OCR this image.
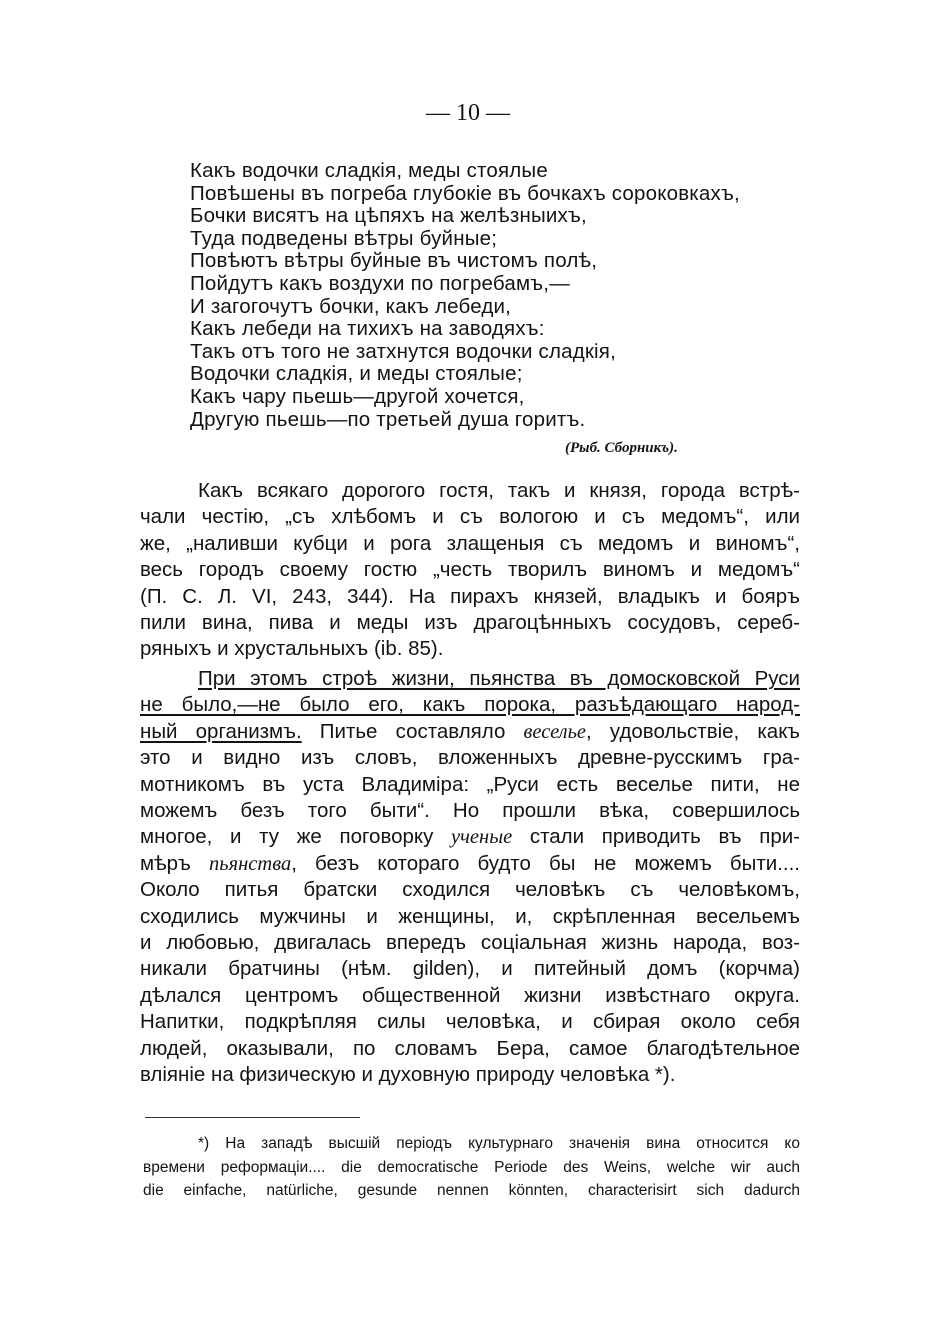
— 10 —
Какъ водочки сладкія, меды стоялые
Повѣшены въ погреба глубокіе въ бочкахъ сороковкахъ,
Бочки висятъ на цѣпяхъ на желѣзныихъ,
Туда подведены вѣтры буйные;
Повѣютъ вѣтры буйные въ чистомъ полѣ,
Пойдутъ какъ воздухи по погребамъ,—
И загогочутъ бочки, какъ лебеди,
Какъ лебеди на тихихъ на заводяхъ:
Такъ отъ того не затхнутся водочки сладкія,
Водочки сладкія, и меды стоялые;
Какъ чару пьешь—другой хочется,
Другую пьешь—по третьей душа горитъ.
(Рыб. Сборникъ).
Какъ всякаго дорогого гостя, такъ и князя, города встрѣ-
чали честію, „съ хлѣбомъ и съ вологою и съ медомъ“, или
же, „наливши кубци и рога злащеныя съ медомъ и виномъ“,
весь городъ своему гостю „честь творилъ виномъ и медомъ“
(П. С. Л. VI, 243, 344). На пирахъ князей, владыкъ и бояръ
пили вина, пива и меды изъ драгоцѣнныхъ сосудовъ, сереб-
ряныхъ и хрустальныхъ (ib. 85).
При этомъ строѣ жизни, пьянства въ домосковской Руси
не было,—не было его, какъ порока, разъѣдающаго народ-
ный организмъ. Питье составляло веселье, удовольствіе, какъ
это и видно изъ словъ, вложенныхъ древне-русскимъ гра-
мотникомъ въ уста Владиміра: „Руси есть веселье пити, не
можемъ безъ того быти“. Но прошли вѣка, совершилось
многое, и ту же поговорку ученые стали приводить въ при-
мѣръ пьянства, безъ котораго будто бы не можемъ быти....
Около питья братски сходился человѣкъ съ человѣкомъ,
сходились мужчины и женщины, и, скрѣпленная весельемъ
и любовью, двигалась впередъ соціальная жизнь народа, воз-
никали братчины (нѣм. gilden), и питейный домъ (корчма)
дѣлался центромъ общественной жизни извѣстнаго округа.
Напитки, подкрѣпляя силы человѣка, и сбирая около себя
людей, оказывали, по словамъ Бера, самое благодѣтельное
вліяніе на физическую и духовную природу человѣка *).
*) На западѣ высшій періодъ культурнаго значенія вина относится ко
времени реформаціи.... die democratische Periode des Weins, welche wir auch
die einfache, natürliche, gesunde nennen könnten, characterisirt sich dadurch
